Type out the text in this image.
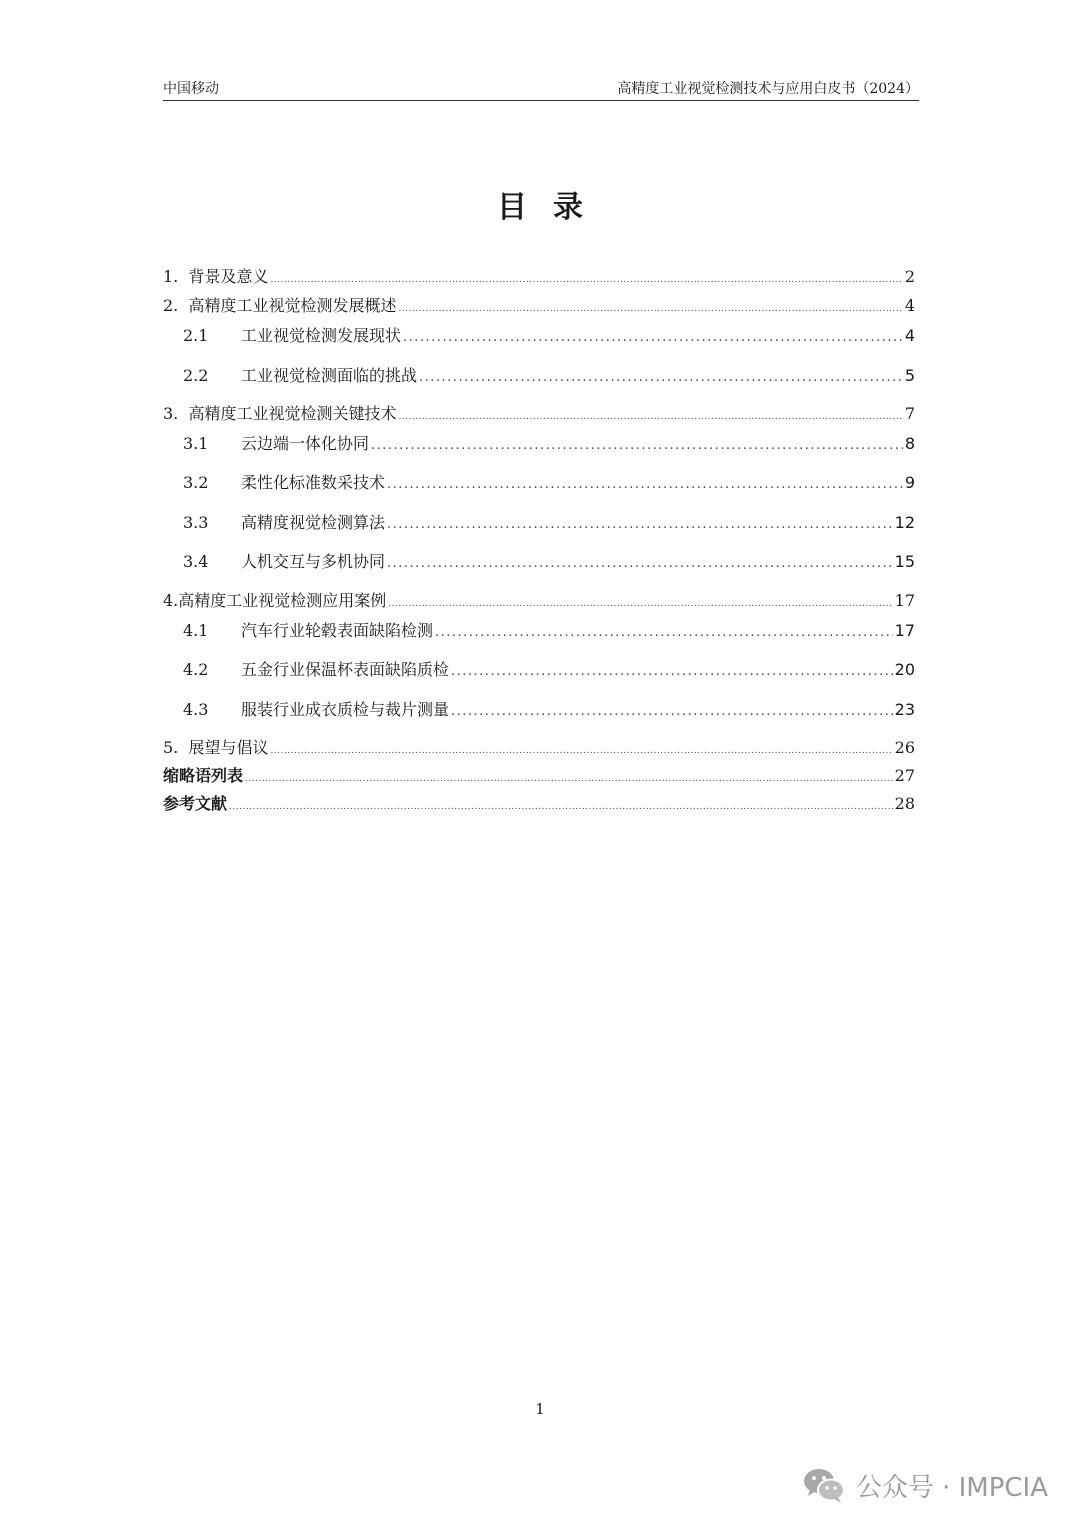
中国移动	高精度工业视觉检测技术与应用白皮书（2024）
目录
1. 背景及意义 .....	2
2. 高精度工业视觉检测发展概述 .....	4
2.1 工业视觉检测发展现状 .....	4
2.2 工业视觉检测面临的挑战 .....	5
3. 高精度工业视觉检测关键技术 .....	7
3.1 云边端一体化协同 .....	8
3.2 柔性化标准数采技术 .....	9
3.3 高精度视觉检测算法 .....	12
3.4 人机交互与多机协同 .....	15
4.高精度工业视觉检测应用案例 .....	17
4.1 汽车行业轮毂表面缺陷检测 .....	17
4.2 五金行业保温杯表面缺陷质检 .....	20
4.3 服装行业成衣质检与裁片测量 .....	23
5. 展望与倡议 .....	26
缩略语列表 .....	27
参考文献 .....	28
1
公众号 · IMPCIA
